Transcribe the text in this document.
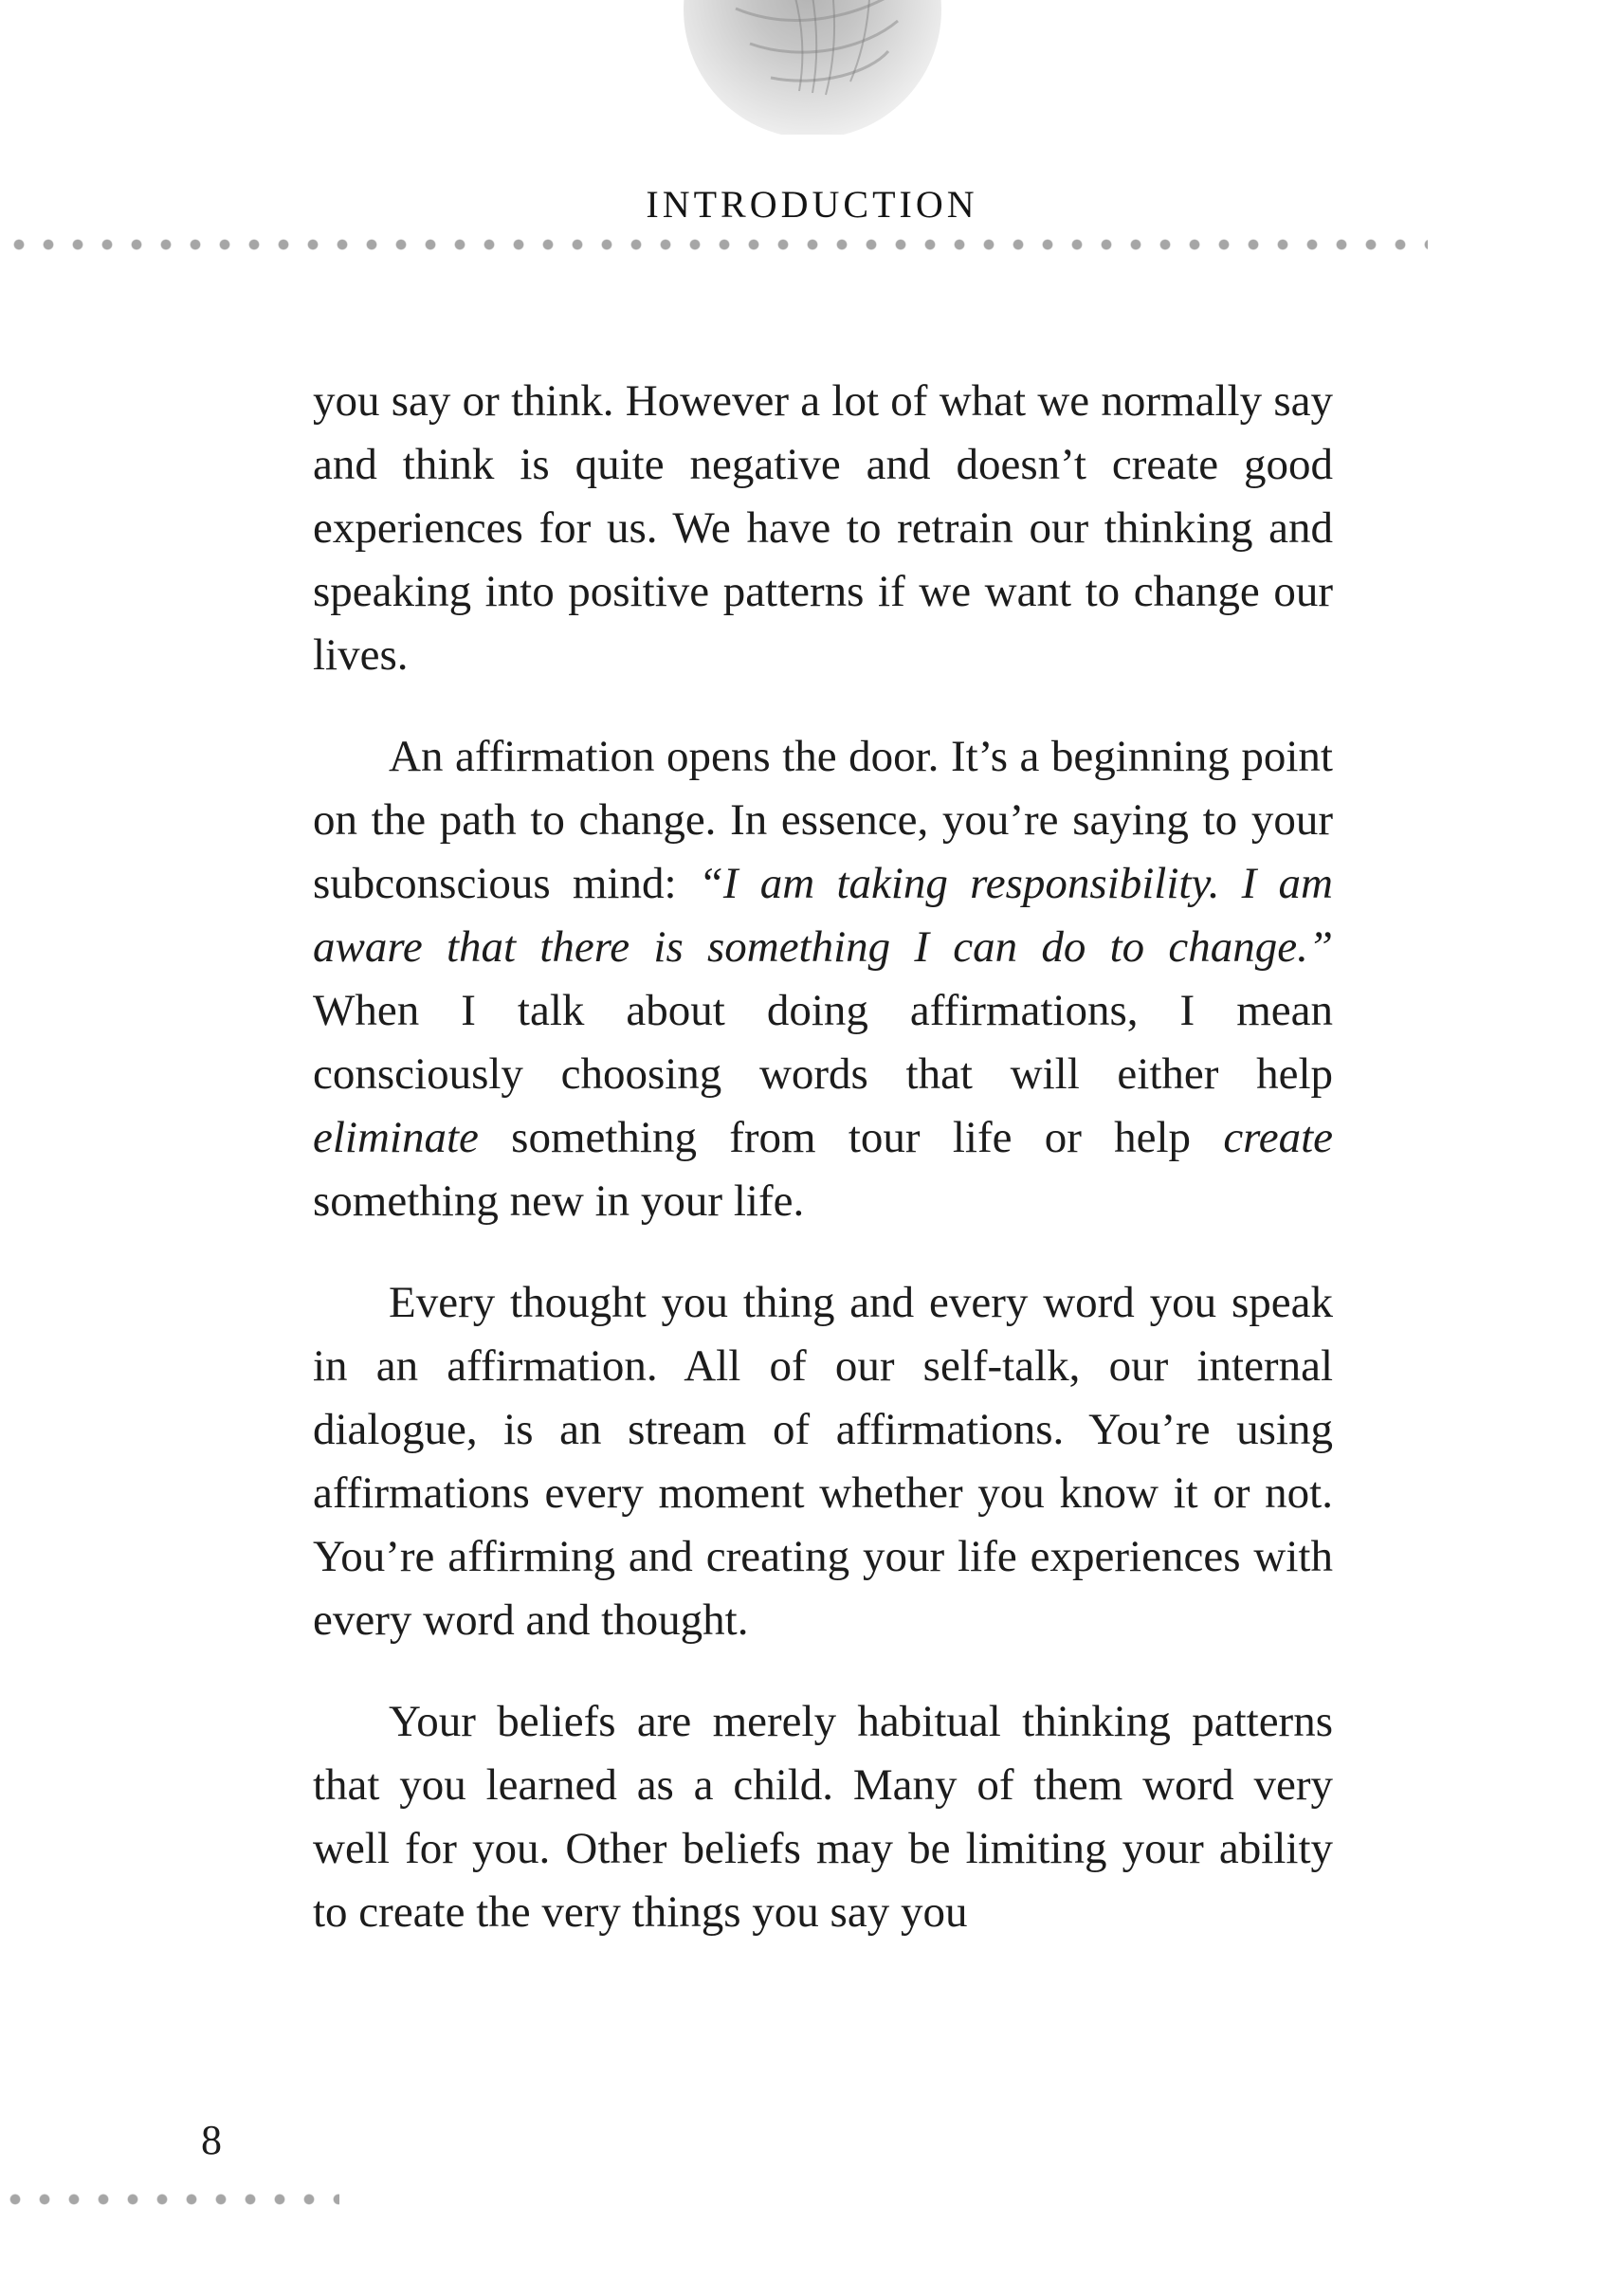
INTRODUCTION

you say or think. However a lot of what we normally say and think is quite negative and doesn’t create good experiences for us. We have to retrain our thinking and speaking into positive patterns if we want to change our lives.

An affirmation opens the door. It’s a beginning point on the path to change. In essence, you’re saying to your subconscious mind: “I am taking responsibility. I am aware that there is something I can do to change.” When I talk about doing affirmations, I mean consciously choosing words that will either help eliminate something from tour life or help create something new in your life.

Every thought you thing and every word you speak in an affirmation. All of our self-talk, our internal dialogue, is an stream of affirmations. You’re using affirmations every moment whether you know it or not. You’re affirming and creating your life experiences with every word and thought.

Your beliefs are merely habitual thinking patterns that you learned as a child. Many of them word very well for you. Other beliefs may be limiting your ability to create the very things you say you

8
